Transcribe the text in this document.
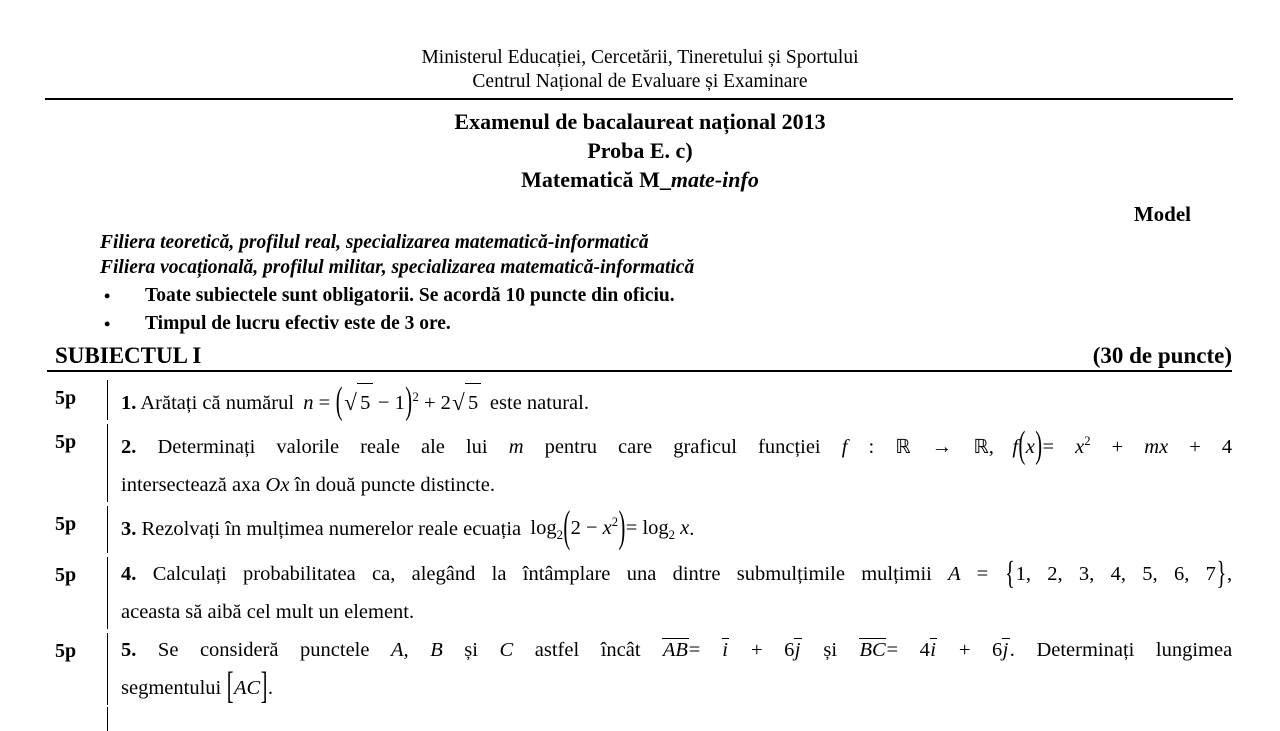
Ministerul Educației, Cercetării, Tineretului și Sportului
Centrul Național de Evaluare și Examinare
Examenul de bacalaureat național 2013
Proba E. c)
Matematică M_mate-info
Model
Filiera teoretică, profilul real, specializarea matematică-informatică
Filiera vocațională, profilul militar, specializarea matematică-informatică
• Toate subiectele sunt obligatorii. Se acordă 10 puncte din oficiu.
• Timpul de lucru efectiv este de 3 ore.
SUBIECTUL I	(30 de puncte)
5p	1. Arătați că numărul n = (√ 5 − 1)$^2$ + 2√ 5 este natural.

5p	2. Determinați valorile reale ale lui m pentru care graficul funcției f : ℝ → ℝ, $f(x)= x^2$ + mx + 4

intersectează axa Ox în două puncte distincte.

5p	3. Rezolvați în mulțimea numerelor reale ecuația $\log_2(2 - x^2)= \log_2 x$.

5p	4. Calculați probabilitatea ca, alegând la întâmplare una dintre submulțimile mulțimii A = {1, 2, 3, 4, 5, 6, 7},

aceasta să aibă cel mult un element.

5p	5. Se consideră punctele A, B și C astfel încât AB= i + 6j și BC= 4i + 6j. Determinați lungimea

segmentului [AC].
